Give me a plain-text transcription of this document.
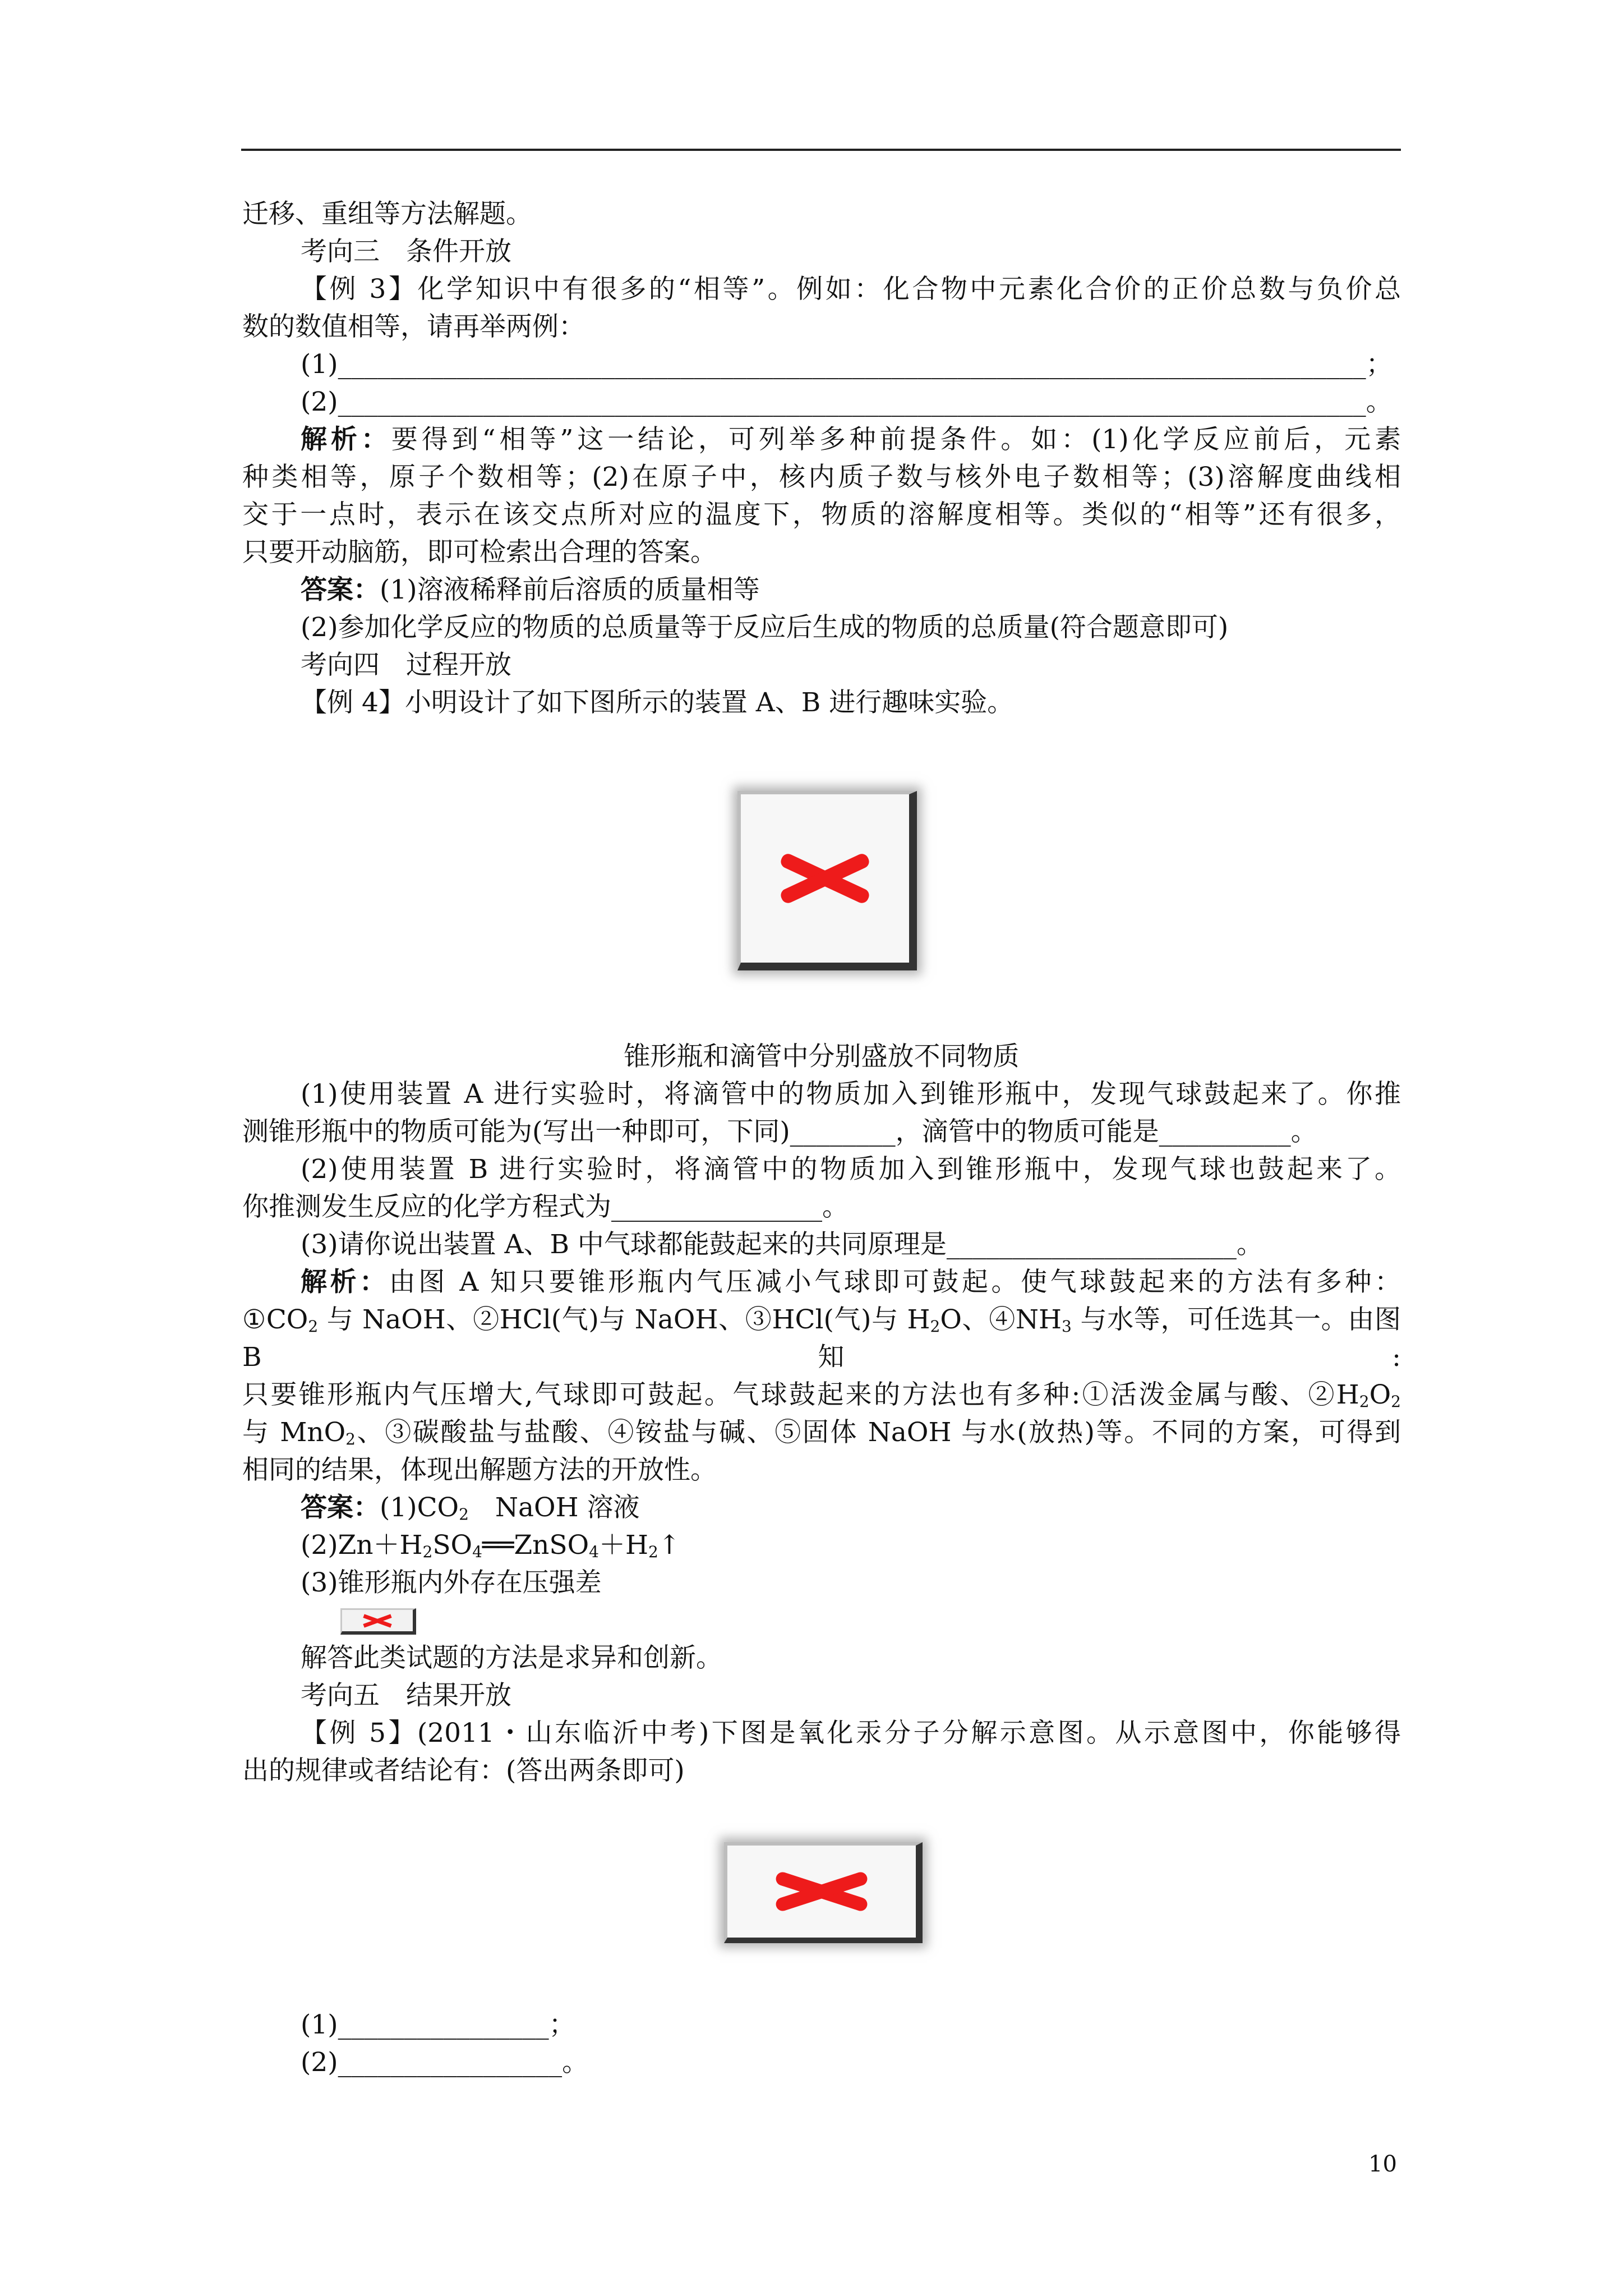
迁移、重组等方法解题。

考向三　条件开放

【例 3】化学知识中有很多的“相等”。例如：化合物中元素化合价的正价总数与负价总

数的数值相等，请再举两例：

(1)______________________________________________________________________________；

(2)______________________________________________________________________________。

解析：要得到“相等”这一结论，可列举多种前提条件。如：(1)化学反应前后，元素

种类相等，原子个数相等；(2)在原子中，核内质子数与核外电子数相等；(3)溶解度曲线相

交于一点时，表示在该交点所对应的温度下，物质的溶解度相等。类似的“相等”还有很多，

只要开动脑筋，即可检索出合理的答案。

答案：(1)溶液稀释前后溶质的质量相等

(2)参加化学反应的物质的总质量等于反应后生成的物质的总质量(符合题意即可)

考向四　过程开放

【例 4】小明设计了如下图所示的装置 A、B 进行趣味实验。

锥形瓶和滴管中分别盛放不同物质

(1)使用装置 A 进行实验时，将滴管中的物质加入到锥形瓶中，发现气球鼓起来了。你推

测锥形瓶中的物质可能为(写出一种即可，下同)________，滴管中的物质可能是__________。

(2)使用装置 B 进行实验时，将滴管中的物质加入到锥形瓶中，发现气球也鼓起来了。

你推测发生反应的化学方程式为________________。

(3)请你说出装置 A、B 中气球都能鼓起来的共同原理是______________________。

解析：由图 A 知只要锥形瓶内气压减小气球即可鼓起。使气球鼓起来的方法有多种：

$①CO_2$ 与 NaOH、②HCl(气)与 NaOH、③HCl(气)与 $H_2O$、$④NH_3$ 与水等，可任选其一。由图 B 知:

只要锥形瓶内气压增大,气球即可鼓起。气球鼓起来的方法也有多种:①活泼金属与酸、$②H_2O_2$

与 MnO$_2$、③碳酸盐与盐酸、④铵盐与碱、⑤固体 NaOH 与水(放热)等。不同的方案，可得到

相同的结果，体现出解题方法的开放性。

答案：$(1)CO_2$　NaOH 溶液

$(2)Zn+H_2SO_4══ZnSO_4+H_2↑$

(3)锥形瓶内外存在压强差

解答此类试题的方法是求异和创新。

考向五　结果开放

【例 5】(2011・山东临沂中考)下图是氧化汞分子分解示意图。从示意图中，你能够得

出的规律或者结论有：(答出两条即可)

(1)________________；

(2)_________________。

10
